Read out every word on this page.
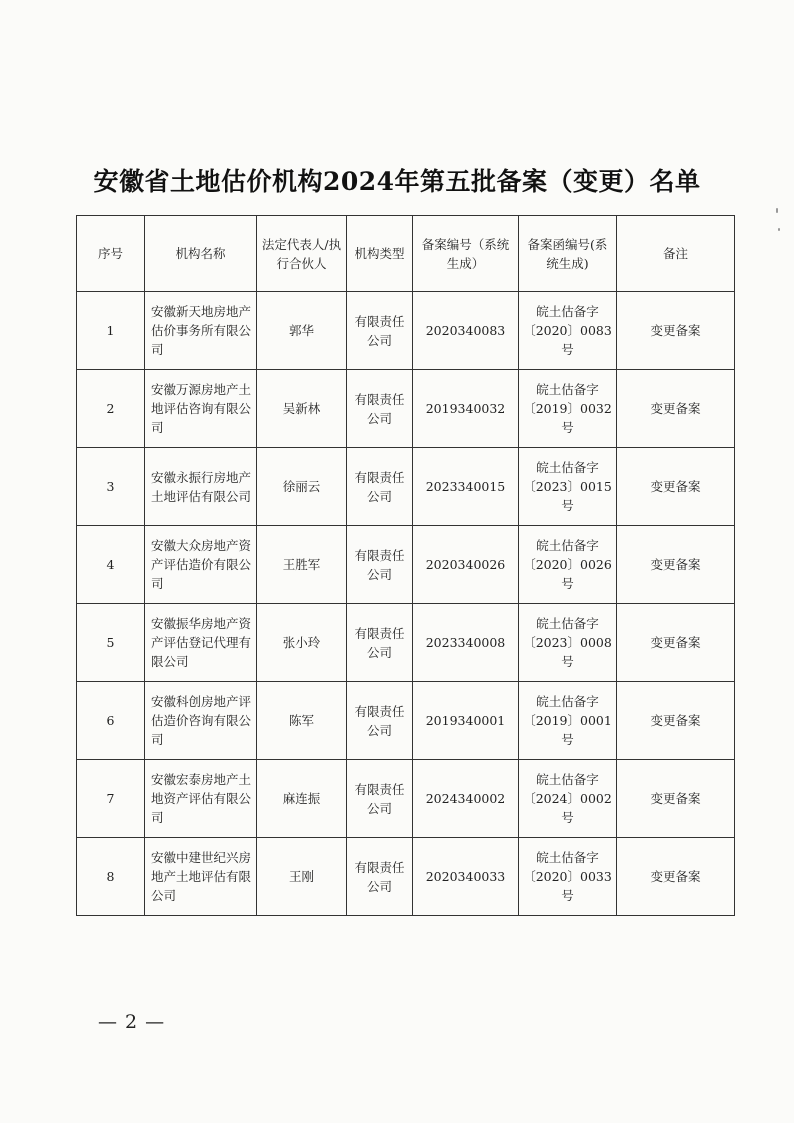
安徽省土地估价机构2024年第五批备案（变更）名单
序号	机构名称	法定代表人/执行合伙人	机构类型	备案编号（系统生成）	备案函编号(系统生成)	备注
1	安徽新天地房地产估价事务所有限公司	郭华	有限责任公司	2020340083	皖土估备字〔2020〕0083号	变更备案
2	安徽万源房地产土地评估咨询有限公司	吴新林	有限责任公司	2019340032	皖土估备字〔2019〕0032号	变更备案
3	安徽永振行房地产土地评估有限公司	徐丽云	有限责任公司	2023340015	皖土估备字〔2023〕0015号	变更备案
4	安徽大众房地产资产评估造价有限公司	王胜军	有限责任公司	2020340026	皖土估备字〔2020〕0026号	变更备案
5	安徽振华房地产资产评估登记代理有限公司	张小玲	有限责任公司	2023340008	皖土估备字〔2023〕0008号	变更备案
6	安徽科创房地产评估造价咨询有限公司	陈军	有限责任公司	2019340001	皖土估备字〔2019〕0001号	变更备案
7	安徽宏泰房地产土地资产评估有限公司	麻连振	有限责任公司	2024340002	皖土估备字〔2024〕0002号	变更备案
8	安徽中建世纪兴房地产土地评估有限公司	王刚	有限责任公司	2020340033	皖土估备字〔2020〕0033号	变更备案
— 2 —
